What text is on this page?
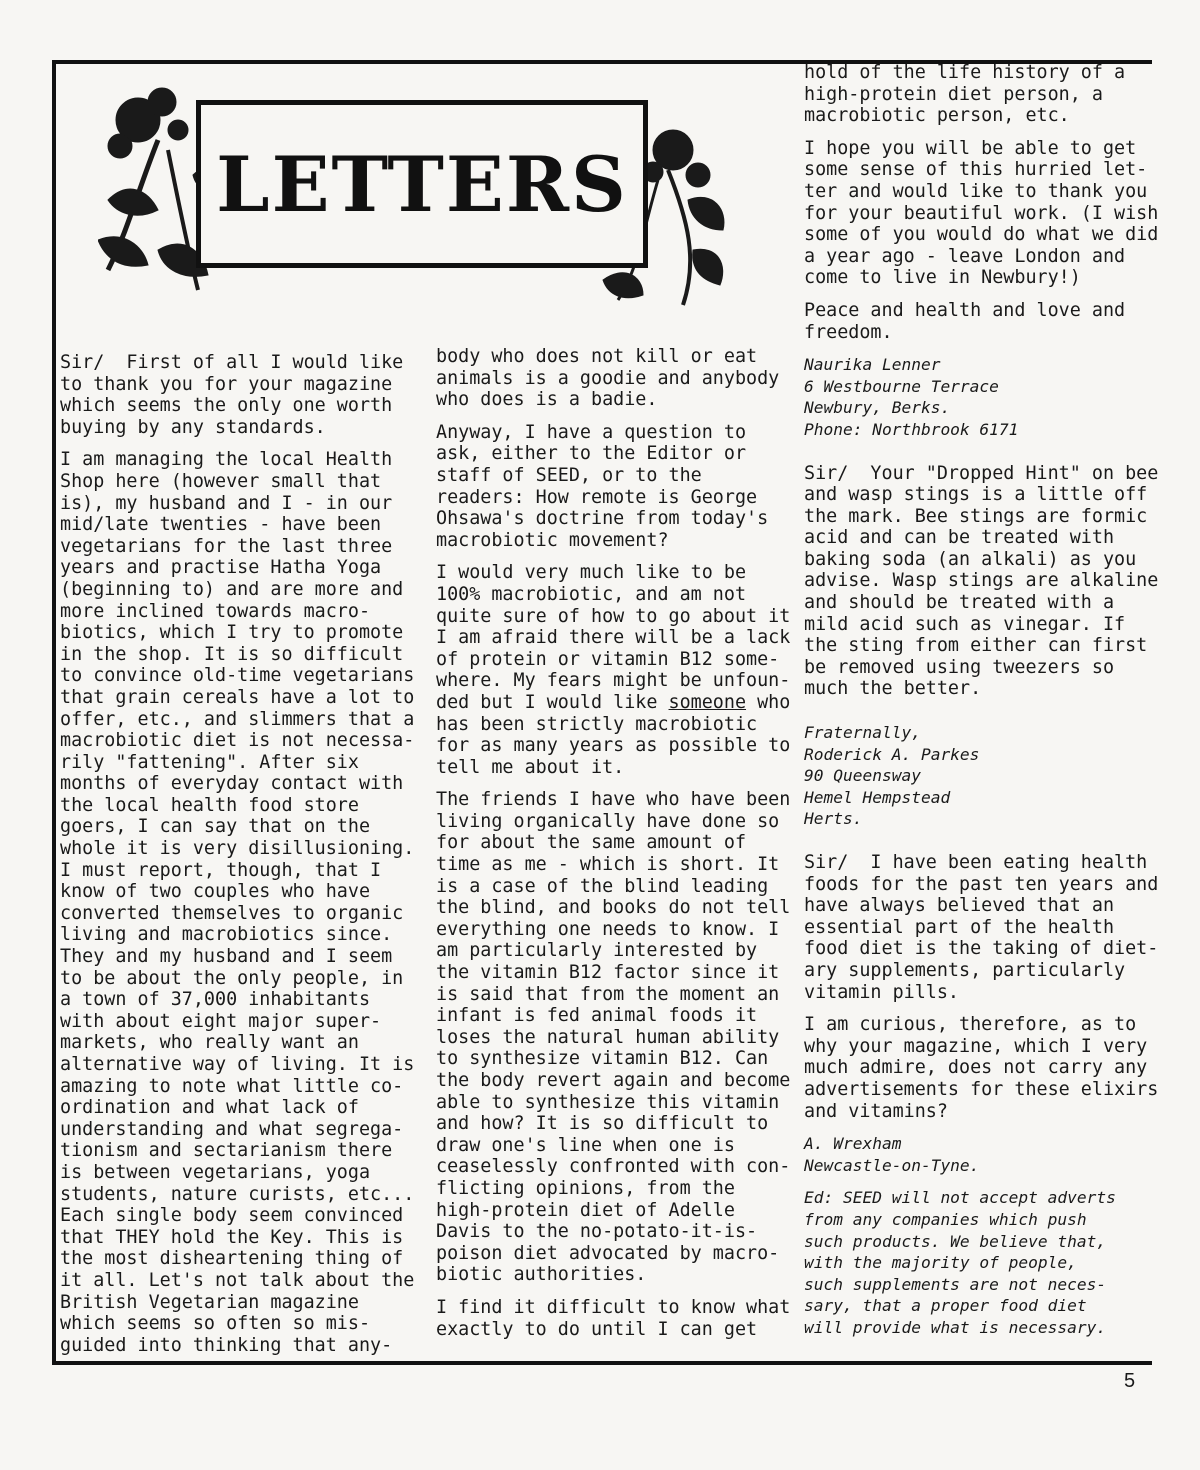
LETTERS

Sir/  First of all I would like
to thank you for your magazine
which seems the only one worth
buying by any standards.

I am managing the local Health
Shop here (however small that
is), my husband and I - in our
mid/late twenties - have been
vegetarians for the last three
years and practise Hatha Yoga
(beginning to) and are more and
more inclined towards macro-
biotics, which I try to promote
in the shop. It is so difficult
to convince old-time vegetarians
that grain cereals have a lot to
offer, etc., and slimmers that a
macrobiotic diet is not necessa-
rily "fattening". After six
months of everyday contact with
the local health food store
goers, I can say that on the
whole it is very disillusioning.
I must report, though, that I
know of two couples who have
converted themselves to organic
living and macrobiotics since.
They and my husband and I seem
to be about the only people, in
a town of 37,000 inhabitants
with about eight major super-
markets, who really want an
alternative way of living. It is
amazing to note what little co-
ordination and what lack of
understanding and what segrega-
tionism and sectarianism there
is between vegetarians, yoga
students, nature curists, etc...
Each single body seem convinced
that THEY hold the Key. This is
the most disheartening thing of
it all. Let's not talk about the
British Vegetarian magazine
which seems so often so mis-
guided into thinking that any-

body who does not kill or eat
animals is a goodie and anybody
who does is a badie.

Anyway, I have a question to
ask, either to the Editor or
staff of SEED, or to the
readers: How remote is George
Ohsawa's doctrine from today's
macrobiotic movement?

I would very much like to be
100% macrobiotic, and am not
quite sure of how to go about it
I am afraid there will be a lack
of protein or vitamin B12 some-
where. My fears might be unfoun-
ded but I would like someone who
has been strictly macrobiotic
for as many years as possible to
tell me about it.

The friends I have who have been
living organically have done so
for about the same amount of
time as me - which is short. It
is a case of the blind leading
the blind, and books do not tell
everything one needs to know. I
am particularly interested by
the vitamin B12 factor since it
is said that from the moment an
infant is fed animal foods it
loses the natural human ability
to synthesize vitamin B12. Can
the body revert again and become
able to synthesize this vitamin
and how? It is so difficult to
draw one's line when one is
ceaselessly confronted with con-
flicting opinions, from the
high-protein diet of Adelle
Davis to the no-potato-it-is-
poison diet advocated by macro-
biotic authorities.

I find it difficult to know what
exactly to do until I can get

hold of the life history of a
high-protein diet person, a
macrobiotic person, etc.

I hope you will be able to get
some sense of this hurried let-
ter and would like to thank you
for your beautiful work. (I wish
some of you would do what we did
a year ago - leave London and
come to live in Newbury!)

Peace and health and love and
freedom.

Naurika Lenner
6 Westbourne Terrace
Newbury, Berks.
Phone: Northbrook 6171

Sir/  Your "Dropped Hint" on bee
and wasp stings is a little off
the mark. Bee stings are formic
acid and can be treated with
baking soda (an alkali) as you
advise. Wasp stings are alkaline
and should be treated with a
mild acid such as vinegar. If
the sting from either can first
be removed using tweezers so
much the better.

Fraternally,
Roderick A. Parkes
90 Queensway
Hemel Hempstead
Herts.

Sir/  I have been eating health
foods for the past ten years and
have always believed that an
essential part of the health
food diet is the taking of diet-
ary supplements, particularly
vitamin pills.

I am curious, therefore, as to
why your magazine, which I very
much admire, does not carry any
advertisements for these elixirs
and vitamins?

A. Wrexham
Newcastle-on-Tyne.
Ed: SEED will not accept adverts
from any companies which push
such products. We believe that,
with the majority of people,
such supplements are not neces-
sary, that a proper food diet
will provide what is necessary.
5
